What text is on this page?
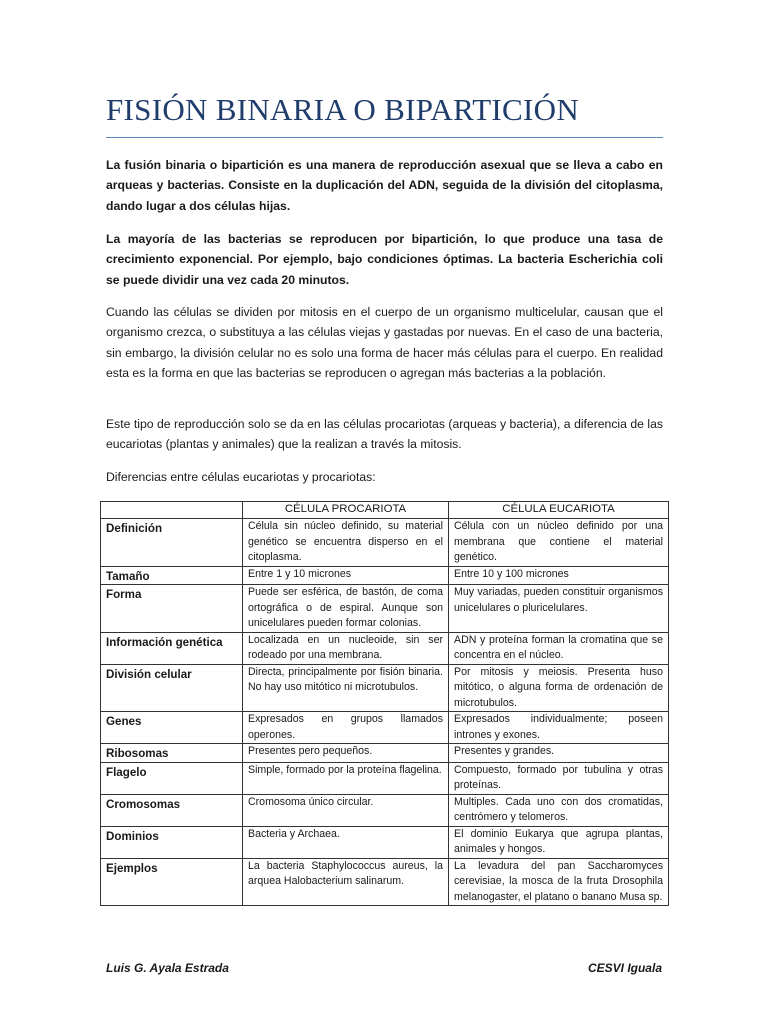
FISIÓN BINARIA O BIPARTICIÓN

La fusión binaria o bipartición es una manera de reproducción asexual que se lleva a cabo en arqueas y bacterias. Consiste en la duplicación del ADN, seguida de la división del citoplasma, dando lugar a dos células hijas.

La mayoría de las bacterias se reproducen por bipartición, lo que produce una tasa de crecimiento exponencial. Por ejemplo, bajo condiciones óptimas. La bacteria Escherichia coli se puede dividir una vez cada 20 minutos.

Cuando las células se dividen por mitosis en el cuerpo de un organismo multicelular, causan que el organismo crezca, o substituya a las células viejas y gastadas por nuevas. En el caso de una bacteria, sin embargo, la división celular no es solo una forma de hacer más células para el cuerpo. En realidad esta es la forma en que las bacterias se reproducen o agregan más bacterias a la población.

Este tipo de reproducción solo se da en las células procariotas (arqueas y bacteria), a diferencia de las eucariotas (plantas y animales) que la realizan a través la mitosis.

Diferencias entre células eucariotas y procariotas:

	CÉLULA PROCARIOTA	CÉLULA EUCARIOTA
Definición	Célula sin núcleo definido, su material genético se encuentra disperso en el citoplasma.	Célula con un núcleo definido por una membrana que contiene el material genético.
Tamaño	Entre 1 y 10 micrones	Entre 10 y 100 micrones
Forma	Puede ser esférica, de bastón, de coma ortográfica o de espiral. Aunque son unicelulares pueden formar colonias.	Muy variadas, pueden constituir organismos unicelulares o pluricelulares.
Información genética	Localizada en un nucleoide, sin ser rodeado por una membrana.	ADN y proteína forman la cromatina que se concentra en el núcleo.
División celular	Directa, principalmente por fisión binaria. No hay uso mitótico ni microtubulos.	Por mitosis y meiosis. Presenta huso mitótico, o alguna forma de ordenación de microtubulos.
Genes	Expresados en grupos llamados operones.	Expresados individualmente; poseen intrones y exones.
Ribosomas	Presentes pero pequeños.	Presentes y grandes.
Flagelo	Simple, formado por la proteína flagelina.	Compuesto, formado por tubulina y otras proteínas.
Cromosomas	Cromosoma único circular.	Multiples. Cada uno con dos cromatidas, centrómero y telomeros.
Dominios	Bacteria y Archaea.	El dominio Eukarya que agrupa plantas, animales y hongos.
Ejemplos	La bacteria Staphylococcus aureus, la arquea Halobacterium salinarum.	La levadura del pan Saccharomyces cerevisiae, la mosca de la fruta Drosophila melanogaster, el platano o banano Musa sp.
Luis G. Ayala Estrada	CESVI Iguala
